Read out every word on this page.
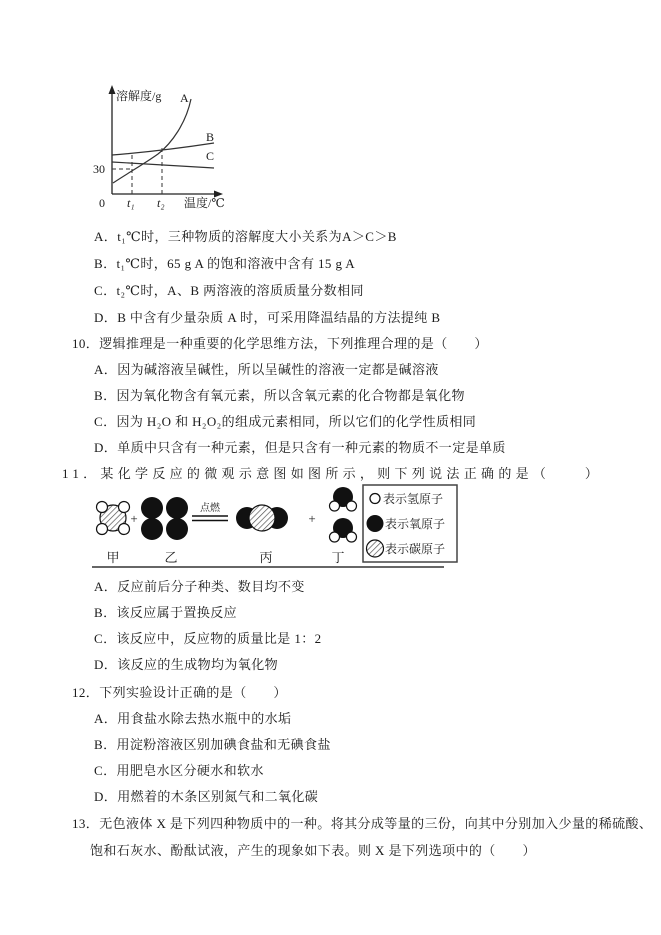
溶解度/g A
B
C
30
0 t₁ t₂ 温度/℃
A．t₁℃时，三种物质的溶解度大小关系为A＞C＞B
B．t₁℃时，65 g A 的饱和溶液中含有 15 g A
C．t₂℃时，A、B 两溶液的溶质质量分数相同
D．B 中含有少量杂质 A 时，可采用降温结晶的方法提纯 B
10．逻辑推理是一种重要的化学思维方法，下列推理合理的是（　　）
A．因为碱溶液呈碱性，所以呈碱性的溶液一定都是碱溶液
B．因为氧化物含有氧元素，所以含氧元素的化合物都是氧化物
C．因为 H₂O 和 H₂O₂的组成元素相同，所以它们的化学性质相同
D．单质中只含有一种元素，但是只含有一种元素的物质不一定是单质
11．某化学反应的微观示意图如图所示，则下列说法正确的是（　　）
+
点燃
+
甲	乙	丙	丁
表示氢原子
表示氧原子
表示碳原子
A．反应前后分子种类、数目均不变
B．该反应属于置换反应
C．该反应中，反应物的质量比是 1：2
D．该反应的生成物均为氧化物
12．下列实验设计正确的是（　　）
A．用食盐水除去热水瓶中的水垢
B．用淀粉溶液区别加碘食盐和无碘食盐
C．用肥皂水区分硬水和软水
D．用燃着的木条区别氮气和二氧化碳
13．无色液体 X 是下列四种物质中的一种。将其分成等量的三份，向其中分别加入少量的稀硫酸、
饱和石灰水、酚酞试液，产生的现象如下表。则 X 是下列选项中的（　　）
